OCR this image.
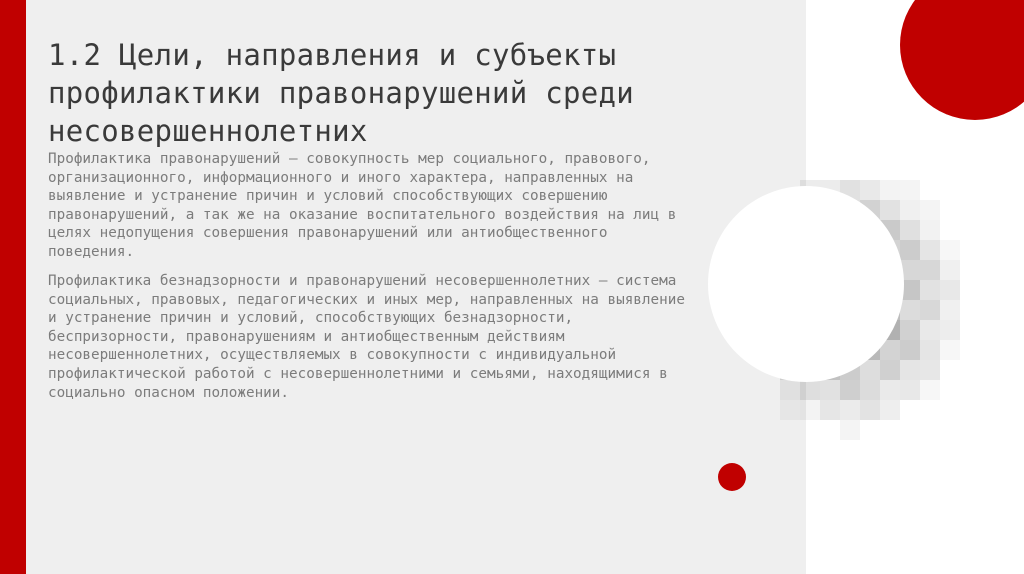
1.2 Цели, направления и субъекты профилактики правонарушений среди несовершеннолетних

Профилактика правонарушений – совокупность мер социального, правового, организационного, информационного и иного характера, направленных на выявление и устранение причин и условий способствующих совершению правонарушений, а так же на оказание воспитательного воздействия на лиц в целях недопущения совершения правонарушений или антиобщественного поведения.

Профилактика безнадзорности и правонарушений несовершеннолетних – система социальных, правовых, педагогических и иных мер, направленных на выявление и устранение причин и условий, способствующих безнадзорности, беспризорности, правонарушениям и антиобщественным действиям несовершеннолетних, осуществляемых в совокупности с индивидуальной профилактической работой с несовершеннолетними и семьями, находящимися в социально опасном положении.
